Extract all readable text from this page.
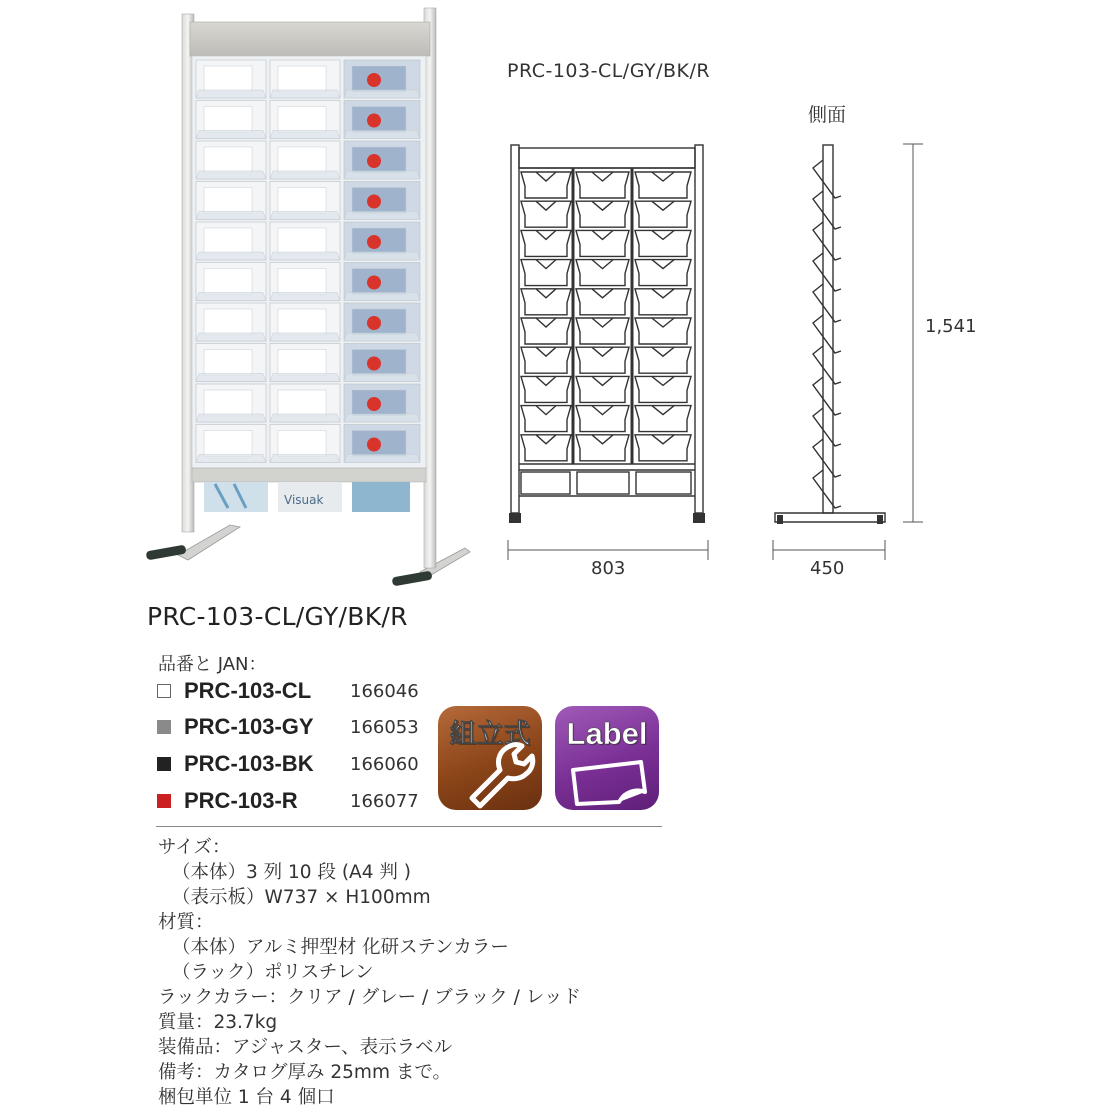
Visuak
PRC-103-CL/GY/BK/R
側面
803	450
1,541
PRC-103-CL/GY/BK/R
品番と JAN：
PRC-103-CL	166046
PRC-103-GY	166053
PRC-103-BK	166060
PRC-103-R	166077
組立式	Label
サイズ：
（本体）3 列 10 段 (A4 判 )
（表示板）W737 × H100mm
材質：
（本体）アルミ押型材 化研ステンカラー
（ラック）ポリスチレン
ラックカラー：クリア / グレー / ブラック / レッド
質量：23.7kg
装備品：アジャスター、表示ラベル
備考：カタログ厚み 25mm まで。
梱包単位 1 台 4 個口
